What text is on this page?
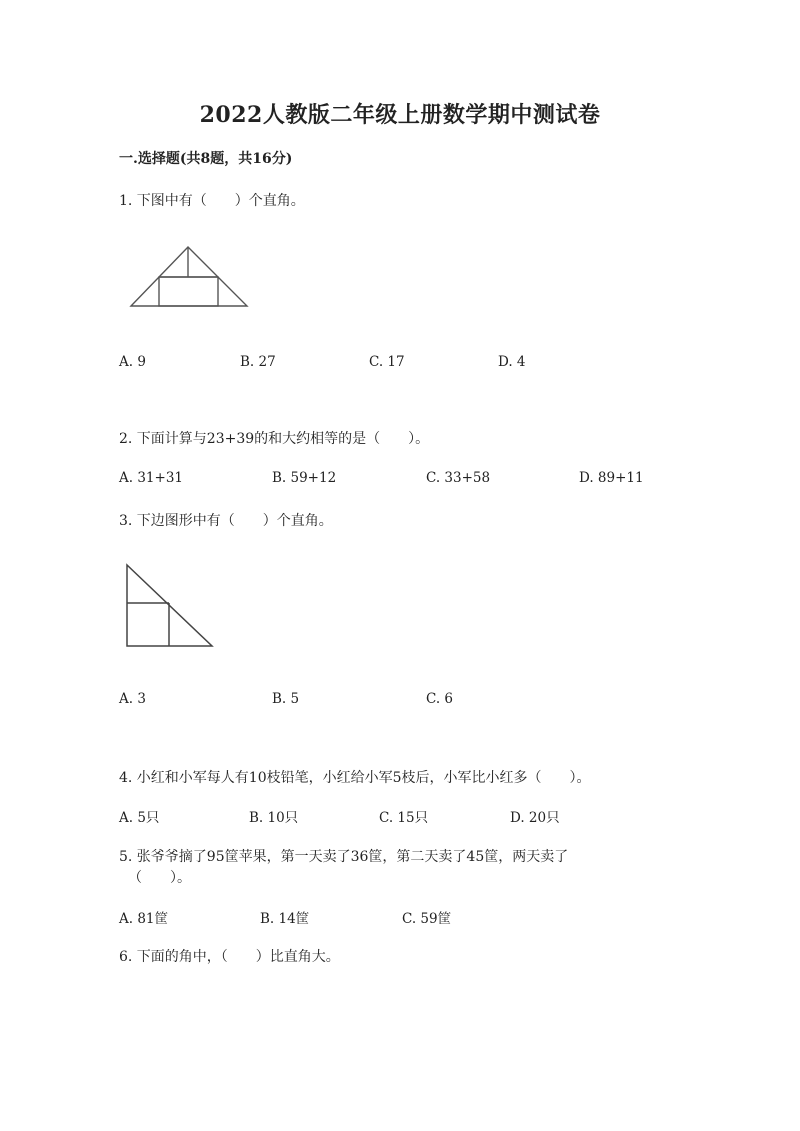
2022人教版二年级上册数学期中测试卷
一.选择题(共8题，共16分)
1. 下图中有（　　）个直角。
A. 9	B. 27	C. 17	D. 4
2. 下面计算与23+39的和大约相等的是（　　）。
A. 31+31	B. 59+12	C. 33+58	D. 89+11
3. 下边图形中有（　　）个直角。
A. 3	B. 5	C. 6
4. 小红和小军每人有10枝铅笔，小红给小军5枝后，小军比小红多（　　）。
A. 5只	B. 10只	C. 15只	D. 20只
5. 张爷爷摘了95筐苹果，第一天卖了36筐，第二天卖了45筐，两天卖了
（　　）。
A. 81筐	B. 14筐	C. 59筐
6. 下面的角中，（　　）比直角大。
